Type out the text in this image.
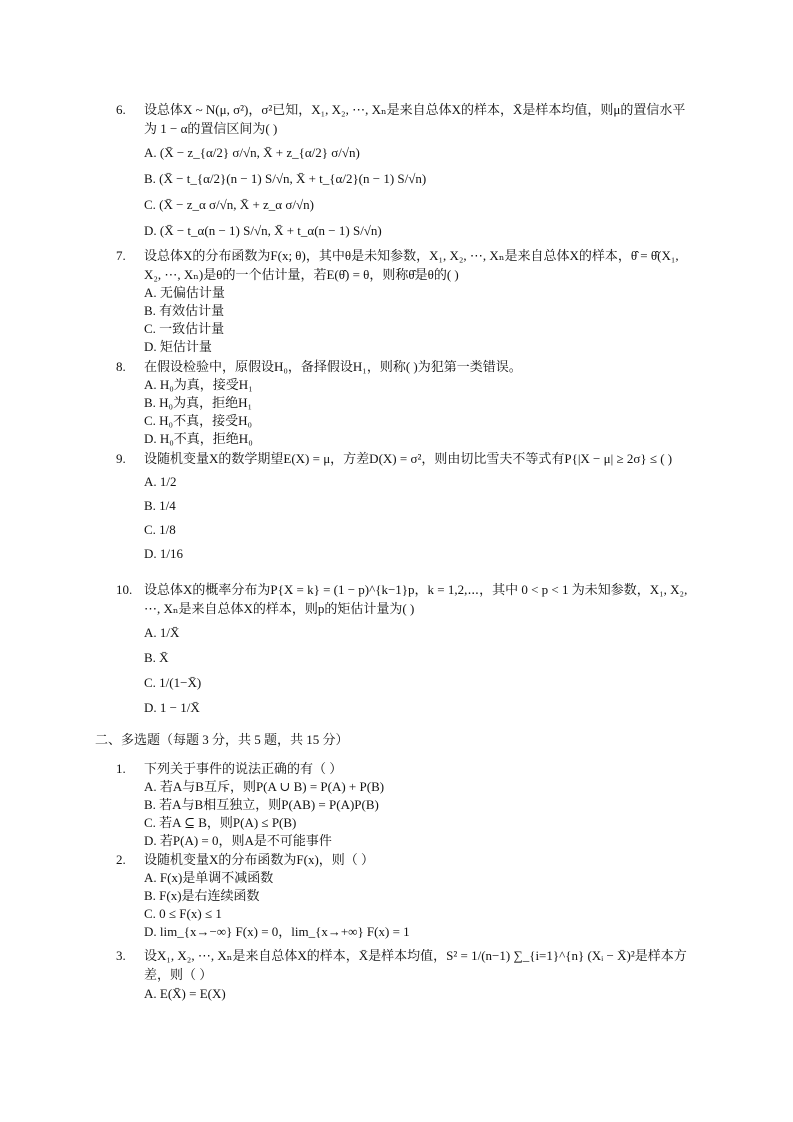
6.	设总体X ~ N(μ, σ²)，σ²已知，X₁, X₂, ⋯, Xₙ是来自总体X的样本，X̄是样本均值，则μ的置信水平为 1 − α的置信区间为( )
A. (X̄ − z_{α/2} σ/√n, X̄ + z_{α/2} σ/√n)
B. (X̄ − t_{α/2}(n − 1) S/√n, X̄ + t_{α/2}(n − 1) S/√n)
C. (X̄ − z_α σ/√n, X̄ + z_α σ/√n)
D. (X̄ − t_α(n − 1) S/√n, X̄ + t_α(n − 1) S/√n)
7.	设总体X的分布函数为F(x; θ)，其中θ是未知参数，X₁, X₂, ⋯, Xₙ是来自总体X的样本，θ̂ = θ̂(X₁, X₂, ⋯, Xₙ)是θ的一个估计量，若E(θ̂) = θ，则称θ̂是θ的( )
A. 无偏估计量
B. 有效估计量
C. 一致估计量
D. 矩估计量
8.	在假设检验中，原假设H₀，备择假设H₁，则称( )为犯第一类错误。
A. H₀为真，接受H₁
B. H₀为真，拒绝H₁
C. H₀不真，接受H₀
D. H₀不真，拒绝H₀
9.	设随机变量X的数学期望E(X) = μ，方差D(X) = σ²，则由切比雪夫不等式有P{|X − μ| ≥ 2σ} ≤ ( )
A. 1/2
B. 1/4
C. 1/8
D. 1/16
10. 设总体X的概率分布为P{X = k} = (1 − p)^{k−1}p，k = 1,2,⋯，其中 0 < p < 1 为未知参数，X₁, X₂, ⋯, Xₙ是来自总体X的样本，则p的矩估计量为( )
A. 1/X̄
B. X̄
C. 1/(1−X̄)
D. 1 − 1/X̄
二、多选题（每题 3 分，共 5 题，共 15 分）
1.	下列关于事件的说法正确的有（ ）
A. 若A与B互斥，则P(A ∪ B) = P(A) + P(B)
B. 若A与B相互独立，则P(AB) = P(A)P(B)
C. 若A ⊆ B，则P(A) ≤ P(B)
D. 若P(A) = 0，则A是不可能事件
2.	设随机变量X的分布函数为F(x)，则（ ）
A. F(x)是单调不减函数
B. F(x)是右连续函数
C. 0 ≤ F(x) ≤ 1
D. lim_{x→−∞} F(x) = 0，lim_{x→+∞} F(x) = 1
3.	设X₁, X₂, ⋯, Xₙ是来自总体X的样本，X̄是样本均值，S² = 1/(n−1) ∑_{i=1}^{n} (Xᵢ − X̄)²是样本方差，则（ ）
A. E(X̄) = E(X)
